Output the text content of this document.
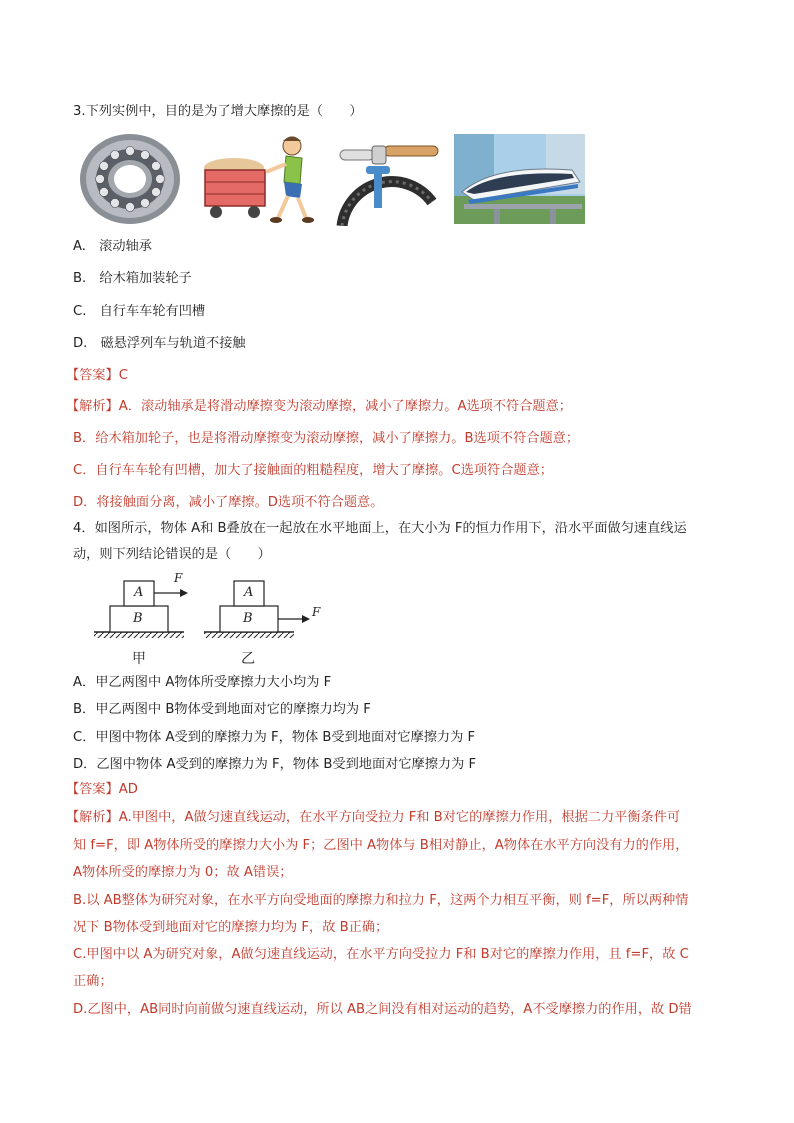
3.下列实例中，目的是为了增大摩擦的是（　　）
A.　滚动轴承
B.　给木箱加装轮子
C.　自行车车轮有凹槽
D.　磁悬浮列车与轨道不接触
【答案】C
【解析】A．滚动轴承是将滑动摩擦变为滚动摩擦，减小了摩擦力。A选项不符合题意；
B．给木箱加轮子，也是将滑动摩擦变为滚动摩擦，减小了摩擦力。B选项不符合题意；
C．自行车车轮有凹槽，加大了接触面的粗糙程度，增大了摩擦。C选项符合题意；
D．将接触面分离，减小了摩擦。D选项不符合题意。
4．如图所示，物体 A和 B叠放在一起放在水平地面上，在大小为 F的恒力作用下，沿水平面做匀速直线运
动，则下列结论错误的是（　　）
A
B
F
A
B	F
甲	乙
A．甲乙两图中 A物体所受摩擦力大小均为 F
B．甲乙两图中 B物体受到地面对它的摩擦力均为 F
C．甲图中物体 A受到的摩擦力为 F，物体 B受到地面对它摩擦力为 F
D．乙图中物体 A受到的摩擦力为 F，物体 B受到地面对它摩擦力为 F
【答案】AD
【解析】A.甲图中，A做匀速直线运动，在水平方向受拉力 F和 B对它的摩擦力作用，根据二力平衡条件可
知 f=F，即 A物体所受的摩擦力大小为 F；乙图中 A物体与 B相对静止，A物体在水平方向没有力的作用，
A物体所受的摩擦力为 0；故 A错误；
B.以 AB整体为研究对象，在水平方向受地面的摩擦力和拉力 F，这两个力相互平衡，则 f=F，所以两种情
况下 B物体受到地面对它的摩擦力均为 F，故 B正确；
C.甲图中以 A为研究对象，A做匀速直线运动，在水平方向受拉力 F和 B对它的摩擦力作用，且 f=F，故 C
正确；
D.乙图中，AB同时向前做匀速直线运动，所以 AB之间没有相对运动的趋势，A不受摩擦力的作用，故 D错
